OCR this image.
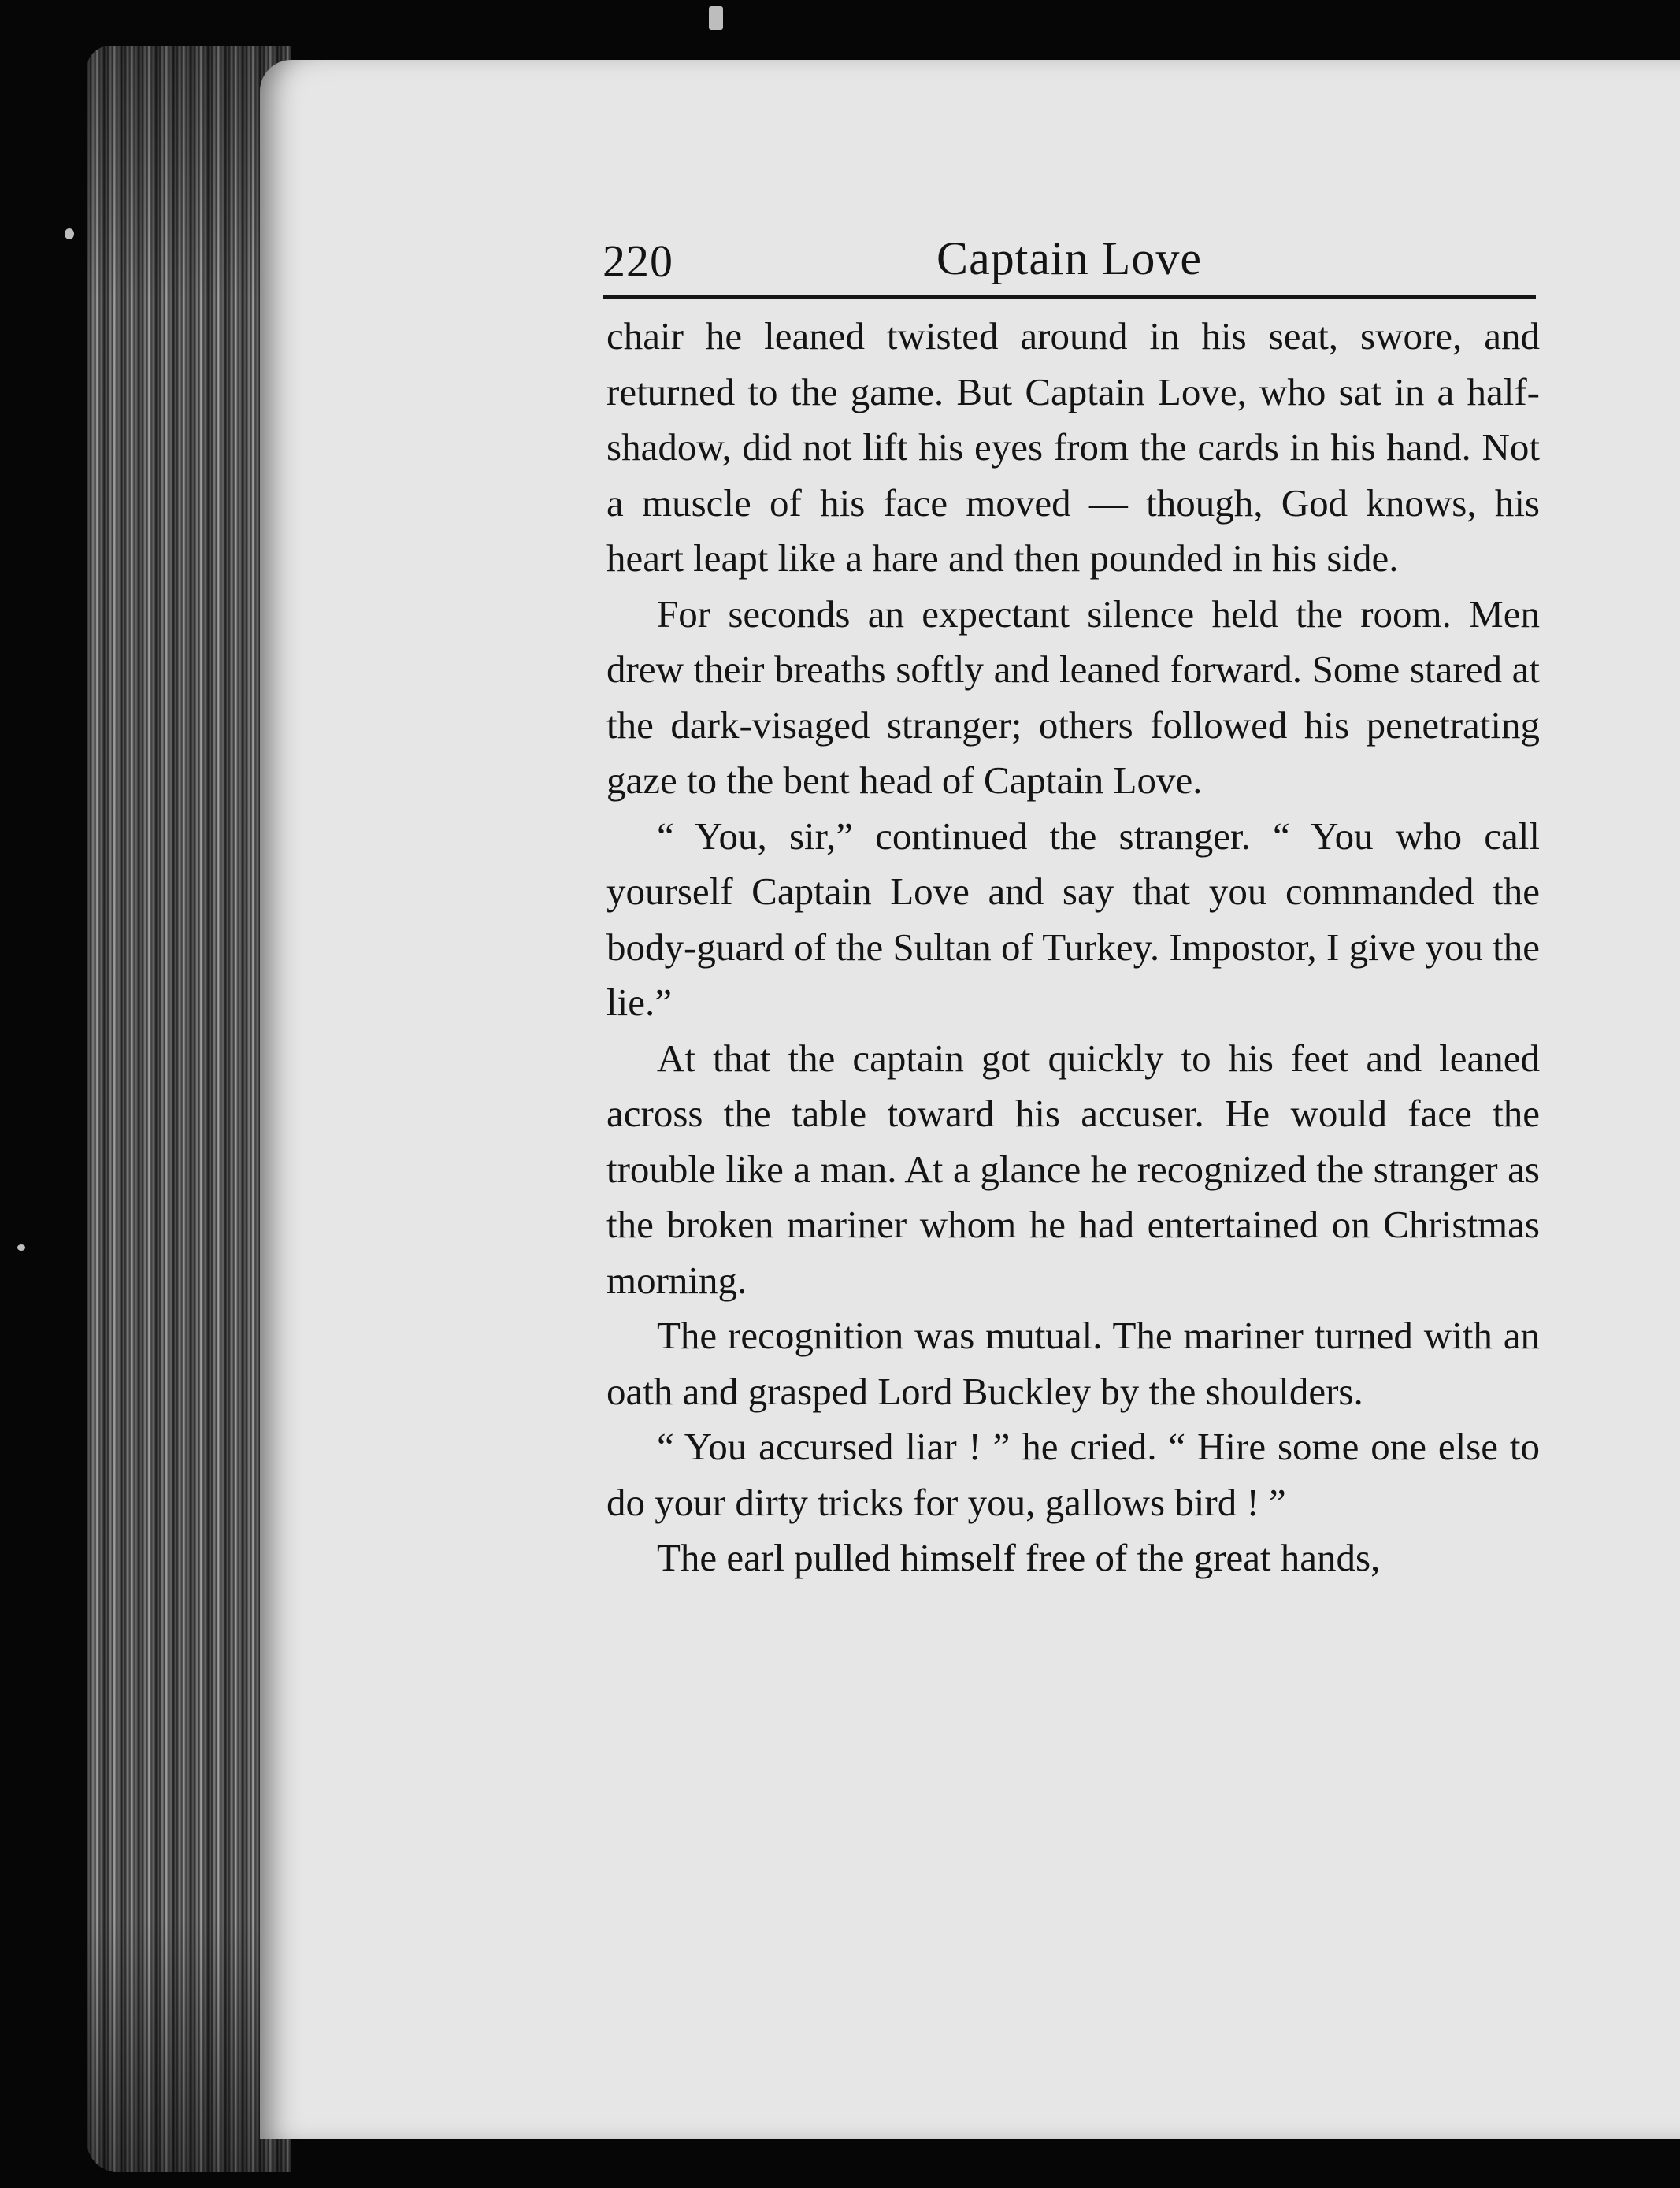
220	Captain Love

chair he leaned twisted around in his seat, swore, and returned to the game. But Captain Love, who sat in a half-shadow, did not lift his eyes from the cards in his hand. Not a muscle of his face moved — though, God knows, his heart leapt like a hare and then pounded in his side.

For seconds an expectant silence held the room. Men drew their breaths softly and leaned forward. Some stared at the dark-visaged stranger; others followed his penetrating gaze to the bent head of Captain Love.

“ You, sir,” continued the stranger. “ You who call yourself Captain Love and say that you commanded the body-guard of the Sultan of Turkey. Impostor, I give you the lie.”

At that the captain got quickly to his feet and leaned across the table toward his accuser. He would face the trouble like a man. At a glance he recognized the stranger as the broken mariner whom he had entertained on Christmas morning.

The recognition was mutual. The mariner turned with an oath and grasped Lord Buckley by the shoulders.

“ You accursed liar ! ” he cried. “ Hire some one else to do your dirty tricks for you, gallows bird ! ”

The earl pulled himself free of the great hands,
